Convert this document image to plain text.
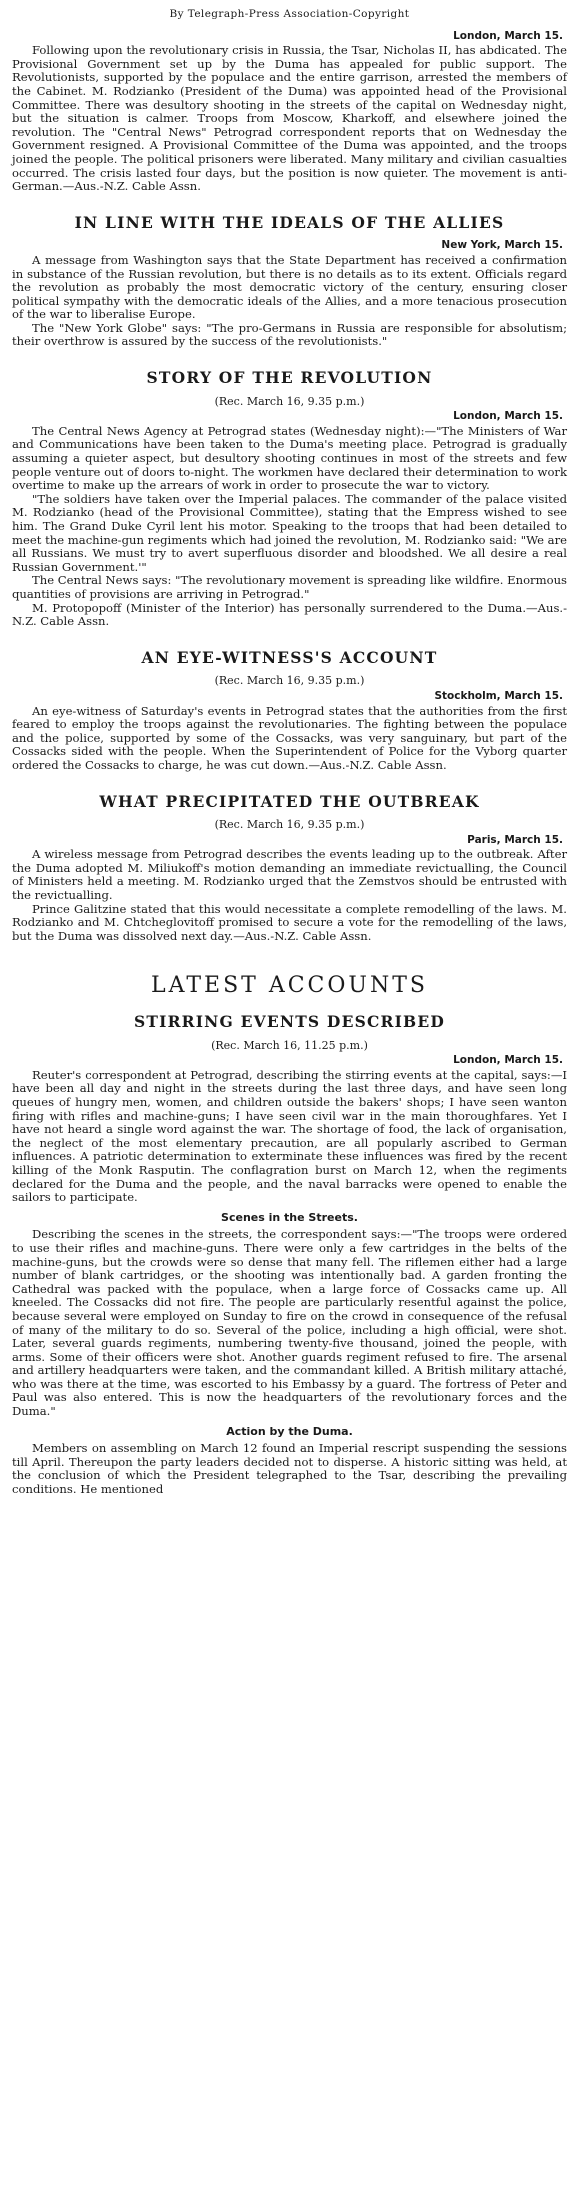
By Telegraph-Press Association-Copyright
London, March 15.

Following upon the revolutionary crisis in Russia, the Tsar, Nicholas II, has abdicated. The Provisional Government set up by the Duma has appealed for public support. The Revolutionists, supported by the populace and the entire garrison, arrested the members of the Cabinet. M. Rodzianko (President of the Duma) was appointed head of the Provisional Committee. There was desultory shooting in the streets of the capital on Wednesday night, but the situation is calmer. Troops from Moscow, Kharkoff, and elsewhere joined the revolution. The "Central News" Petrograd correspondent reports that on Wednesday the Government resigned. A Provisional Committee of the Duma was appointed, and the troops joined the people. The political prisoners were liberated. Many military and civilian casualties occurred. The crisis lasted four days, but the position is now quieter. The movement is anti-German.—Aus.-N.Z. Cable Assn.

IN LINE WITH THE IDEALS OF THE ALLIES
New York, March 15.

A message from Washington says that the State Department has received a confirmation in substance of the Russian revolution, but there is no details as to its extent. Officials regard the revolution as probably the most democratic victory of the century, ensuring closer political sympathy with the democratic ideals of the Allies, and a more tenacious prosecution of the war to liberalise Europe.

The "New York Globe" says: "The pro-Germans in Russia are responsible for absolutism; their overthrow is assured by the success of the revolutionists."

STORY OF THE REVOLUTION
(Rec. March 16, 9.35 p.m.)
London, March 15.

The Central News Agency at Petrograd states (Wednesday night):—"The Ministers of War and Communications have been taken to the Duma's meeting place. Petrograd is gradually assuming a quieter aspect, but desultory shooting continues in most of the streets and few people venture out of doors to-night. The workmen have declared their determination to work overtime to make up the arrears of work in order to prosecute the war to victory.

"The soldiers have taken over the Imperial palaces. The commander of the palace visited M. Rodzianko (head of the Provisional Committee), stating that the Empress wished to see him. The Grand Duke Cyril lent his motor. Speaking to the troops that had been detailed to meet the machine-gun regiments which had joined the revolution, M. Rodzianko said: "We are all Russians. We must try to avert superfluous disorder and bloodshed. We all desire a real Russian Government.'"

The Central News says: "The revolutionary movement is spreading like wildfire. Enormous quantities of provisions are arriving in Petrograd."

M. Protopopoff (Minister of the Interior) has personally surrendered to the Duma.—Aus.-N.Z. Cable Assn.

AN EYE-WITNESS'S ACCOUNT
(Rec. March 16, 9.35 p.m.)
Stockholm, March 15.

An eye-witness of Saturday's events in Petrograd states that the authorities from the first feared to employ the troops against the revolutionaries. The fighting between the populace and the police, supported by some of the Cossacks, was very sanguinary, but part of the Cossacks sided with the people. When the Superintendent of Police for the Vyborg quarter ordered the Cossacks to charge, he was cut down.—Aus.-N.Z. Cable Assn.

WHAT PRECIPITATED THE OUTBREAK
(Rec. March 16, 9.35 p.m.)
Paris, March 15.

A wireless message from Petrograd describes the events leading up to the outbreak. After the Duma adopted M. Miliukoff's motion demanding an immediate revictualling, the Council of Ministers held a meeting. M. Rodzianko urged that the Zemstvos should be entrusted with the revictualling.

Prince Galitzine stated that this would necessitate a complete remodelling of the laws. M. Rodzianko and M. Chtcheglovitoff promised to secure a vote for the remodelling of the laws, but the Duma was dissolved next day.—Aus.-N.Z. Cable Assn.

LATEST ACCOUNTS
STIRRING EVENTS DESCRIBED
(Rec. March 16, 11.25 p.m.)
London, March 15.

Reuter's correspondent at Petrograd, describing the stirring events at the capital, says:—I have been all day and night in the streets during the last three days, and have seen long queues of hungry men, women, and children outside the bakers' shops; I have seen wanton firing with rifles and machine-guns; I have seen civil war in the main thoroughfares. Yet I have not heard a single word against the war. The shortage of food, the lack of organisation, the neglect of the most elementary precaution, are all popularly ascribed to German influences. A patriotic determination to exterminate these influences was fired by the recent killing of the Monk Rasputin. The conflagration burst on March 12, when the regiments declared for the Duma and the people, and the naval barracks were opened to enable the sailors to participate.

Scenes in the Streets.

Describing the scenes in the streets, the correspondent says:—"The troops were ordered to use their rifles and machine-guns. There were only a few cartridges in the belts of the machine-guns, but the crowds were so dense that many fell. The riflemen either had a large number of blank cartridges, or the shooting was intentionally bad. A garden fronting the Cathedral was packed with the populace, when a large force of Cossacks came up. All kneeled. The Cossacks did not fire. The people are particularly resentful against the police, because several were employed on Sunday to fire on the crowd in consequence of the refusal of many of the military to do so. Several of the police, including a high official, were shot. Later, several guards regiments, numbering twenty-five thousand, joined the people, with arms. Some of their officers were shot. Another guards regiment refused to fire. The arsenal and artillery headquarters were taken, and the commandant killed. A British military attaché, who was there at the time, was escorted to his Embassy by a guard. The fortress of Peter and Paul was also entered. This is now the headquarters of the revolutionary forces and the Duma."

Action by the Duma.

Members on assembling on March 12 found an Imperial rescript suspending the sessions till April. Thereupon the party leaders decided not to disperse. A historic sitting was held, at the conclusion of which the President telegraphed to the Tsar, describing the prevailing conditions. He mentioned
